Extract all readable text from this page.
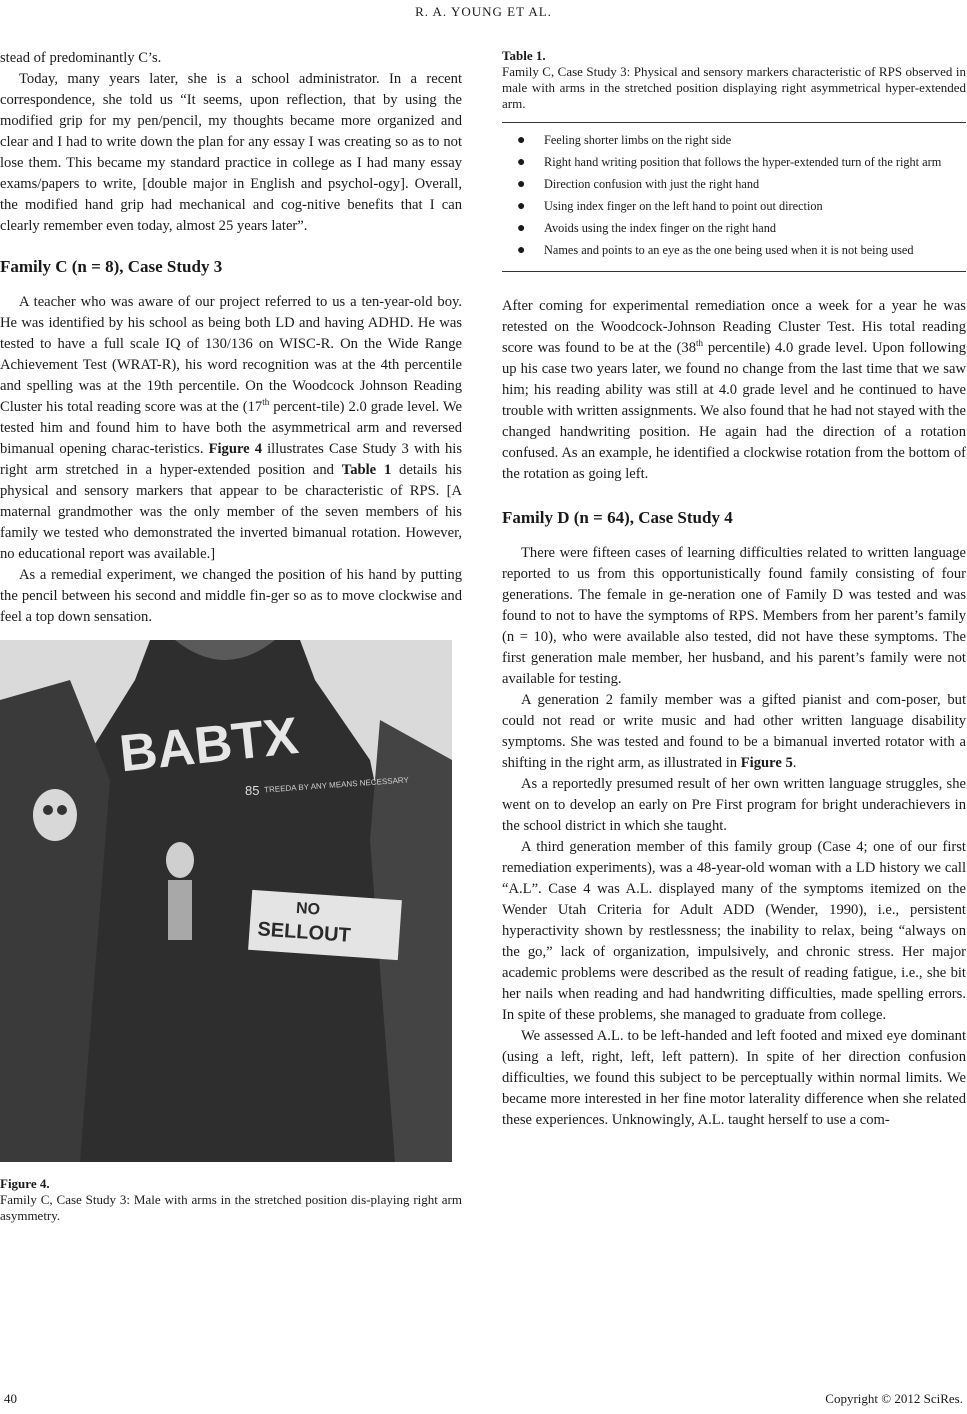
R. A. YOUNG ET AL.

stead of predominantly C’s.

Today, many years later, she is a school administrator. In a recent correspondence, she told us “It seems, upon reflection, that by using the modified grip for my pen/pencil, my thoughts became more organized and clear and I had to write down the plan for any essay I was creating so as to not lose them. This became my standard practice in college as I had many essay exams/papers to write, [double major in English and psychol-ogy]. Overall, the modified hand grip had mechanical and cog-nitive benefits that I can clearly remember even today, almost 25 years later”.

Family C (n = 8), Case Study 3

A teacher who was aware of our project referred to us a ten-year-old boy. He was identified by his school as being both LD and having ADHD. He was tested to have a full scale IQ of 130/136 on WISC-R. On the Wide Range Achievement Test (WRAT-R), his word recognition was at the 4th percentile and spelling was at the 19th percentile. On the Woodcock Johnson Reading Cluster his total reading score was at the (17th percent-tile) 2.0 grade level. We tested him and found him to have both the asymmetrical arm and reversed bimanual opening charac-teristics. Figure 4 illustrates Case Study 3 with his right arm stretched in a hyper-extended position and Table 1 details his physical and sensory markers that appear to be characteristic of RPS. [A maternal grandmother was the only member of the seven members of his family we tested who demonstrated the inverted bimanual rotation. However, no educational report was available.]

As a remedial experiment, we changed the position of his hand by putting the pencil between his second and middle fin-ger so as to move clockwise and feel a top down sensation.

BABTX
85 TREEDA BY ANY MEANS NECESSARY
NO
SELLOUT
Figure 4.
Family C, Case Study 3: Male with arms in the stretched position dis-playing right arm asymmetry.
Table 1.
Family C, Case Study 3: Physical and sensory markers characteristic of RPS observed in male with arms in the stretched position displaying right asymmetrical hyper-extended arm.
● Feeling shorter limbs on the right side
● Right hand writing position that follows the hyper-extended turn of the right arm
● Direction confusion with just the right hand
● Using index finger on the left hand to point out direction
● Avoids using the index finger on the right hand
● Names and points to an eye as the one being used when it is not being used

After coming for experimental remediation once a week for a year he was retested on the Woodcock-Johnson Reading Cluster Test. His total reading score was found to be at the (38th percentile) 4.0 grade level. Upon following up his case two years later, we found no change from the last time that we saw him; his reading ability was still at 4.0 grade level and he continued to have trouble with written assignments. We also found that he had not stayed with the changed handwriting position. He again had the direction of a rotation confused. As an example, he identified a clockwise rotation from the bottom of the rotation as going left.

Family D (n = 64), Case Study 4

There were fifteen cases of learning difficulties related to written language reported to us from this opportunistically found family consisting of four generations. The female in ge-neration one of Family D was tested and was found to not to have the symptoms of RPS. Members from her parent’s family (n = 10), who were available also tested, did not have these symptoms. The first generation male member, her husband, and his parent’s family were not available for testing.

A generation 2 family member was a gifted pianist and com-poser, but could not read or write music and had other written language disability symptoms. She was tested and found to be a bimanual inverted rotator with a shifting in the right arm, as illustrated in Figure 5.

As a reportedly presumed result of her own written language struggles, she went on to develop an early on Pre First program for bright underachievers in the school district in which she taught.

A third generation member of this family group (Case 4; one of our first remediation experiments), was a 48-year-old woman with a LD history we call “A.L”. Case 4 was A.L. displayed many of the symptoms itemized on the Wender Utah Criteria for Adult ADD (Wender, 1990), i.e., persistent hyperactivity shown by restlessness; the inability to relax, being “always on the go,” lack of organization, impulsively, and chronic stress. Her major academic problems were described as the result of reading fatigue, i.e., she bit her nails when reading and had handwriting difficulties, made spelling errors. In spite of these problems, she managed to graduate from college.

We assessed A.L. to be left-handed and left footed and mixed eye dominant (using a left, right, left, left pattern). In spite of her direction confusion difficulties, we found this subject to be perceptually within normal limits. We became more interested in her fine motor laterality difference when she related these experiences. Unknowingly, A.L. taught herself to use a com-

40	Copyright © 2012 SciRes.
